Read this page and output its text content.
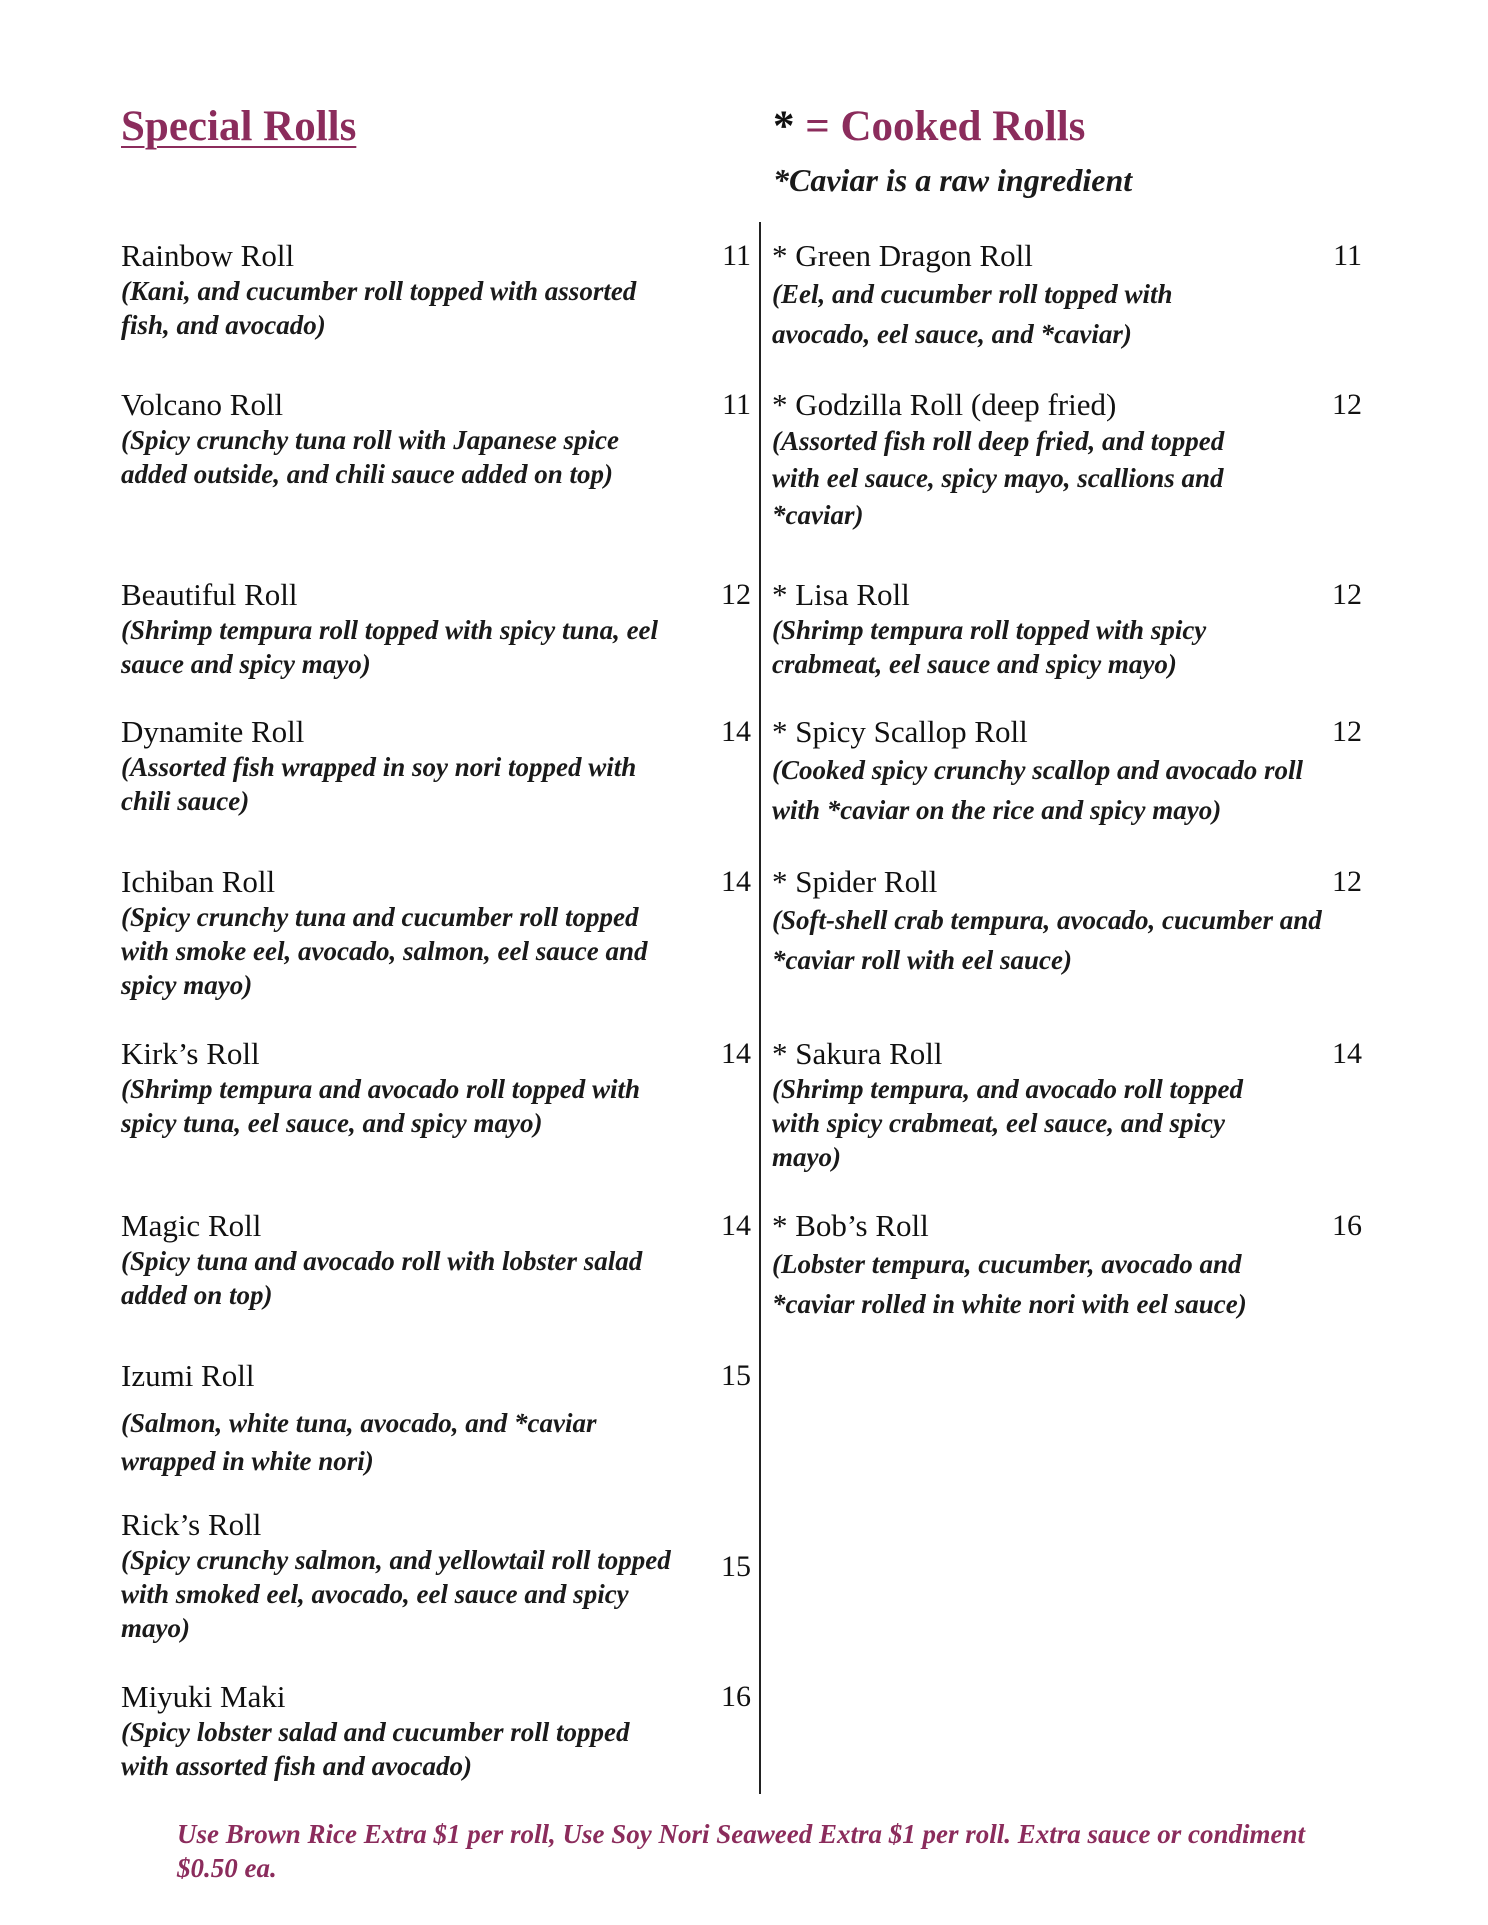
Special Rolls	* = Cooked Rolls
*Caviar is a raw ingredient
Rainbow Roll	11
(Kani, and cucumber roll topped with assorted fish, and avocado)
Volcano Roll	11
(Spicy crunchy tuna roll with Japanese spice added outside, and chili sauce added on top)
Beautiful Roll	12
(Shrimp tempura roll topped with spicy tuna, eel sauce and spicy mayo)
Dynamite Roll	14
(Assorted fish wrapped in soy nori topped with chili sauce)
Ichiban Roll	14
(Spicy crunchy tuna and cucumber roll topped with smoke eel, avocado, salmon, eel sauce and spicy mayo)
Kirk’s Roll	14
(Shrimp tempura and avocado roll topped with spicy tuna, eel sauce, and spicy mayo)
Magic Roll	14
(Spicy tuna and avocado roll with lobster salad added on top)
Izumi Roll	15
(Salmon, white tuna, avocado, and *caviar wrapped in white nori)
Rick’s Roll
15
(Spicy crunchy salmon, and yellowtail roll topped with smoked eel, avocado, eel sauce and spicy mayo)
Miyuki Maki	16
(Spicy lobster salad and cucumber roll topped with assorted fish and avocado)
* Green Dragon Roll	11
(Eel, and cucumber roll topped with avocado, eel sauce, and *caviar)
* Godzilla Roll (deep fried)	12
(Assorted fish roll deep fried, and topped with eel sauce, spicy mayo, scallions and *caviar)
* Lisa Roll	12
(Shrimp tempura roll topped with spicy crabmeat, eel sauce and spicy mayo)
* Spicy Scallop Roll	12
(Cooked spicy crunchy scallop and avocado roll with *caviar on the rice and spicy mayo)
* Spider Roll	12
(Soft-shell crab tempura, avocado, cucumber and *caviar roll with eel sauce)
* Sakura Roll	14
(Shrimp tempura, and avocado roll topped with spicy crabmeat, eel sauce, and spicy mayo)
* Bob’s Roll	16
(Lobster tempura, cucumber, avocado and *caviar rolled in white nori with eel sauce)
Use Brown Rice Extra $1 per roll, Use Soy Nori Seaweed Extra $1 per roll. Extra sauce or condiment $0.50 ea.
